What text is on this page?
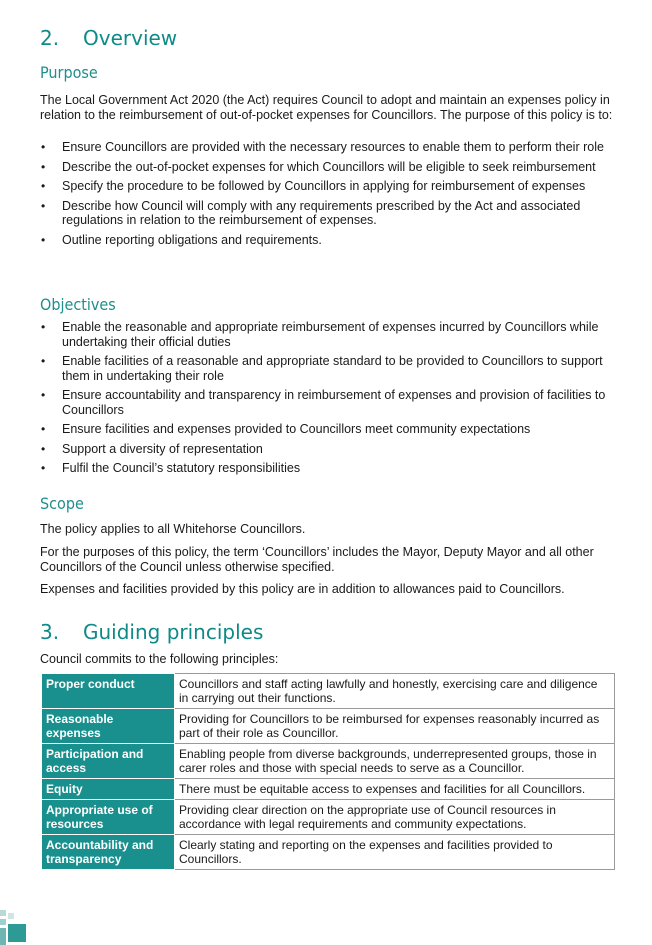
2. Overview
Purpose

The Local Government Act 2020 (the Act) requires Council to adopt and maintain an expenses policy in relation to the reimbursement of out-of-pocket expenses for Councillors. The purpose of this policy is to:

• Ensure Councillors are provided with the necessary resources to enable them to perform their role
• Describe the out-of-pocket expenses for which Councillors will be eligible to seek reimbursement
• Specify the procedure to be followed by Councillors in applying for reimbursement of expenses
• Describe how Council will comply with any requirements prescribed by the Act and associated regulations in relation to the reimbursement of expenses.
• Outline reporting obligations and requirements.
Objectives
• Enable the reasonable and appropriate reimbursement of expenses incurred by Councillors while undertaking their official duties
• Enable facilities of a reasonable and appropriate standard to be provided to Councillors to support them in undertaking their role
• Ensure accountability and transparency in reimbursement of expenses and provision of facilities to Councillors
• Ensure facilities and expenses provided to Councillors meet community expectations
• Support a diversity of representation
• Fulfil the Council’s statutory responsibilities
Scope

The policy applies to all Whitehorse Councillors.

For the purposes of this policy, the term ‘Councillors’ includes the Mayor, Deputy Mayor and all other Councillors of the Council unless otherwise specified.

Expenses and facilities provided by this policy are in addition to allowances paid to Councillors.

3. Guiding principles

Council commits to the following principles:

Proper conduct	Councillors and staff acting lawfully and honestly, exercising care and diligence in carrying out their functions.
Reasonable expenses	Providing for Councillors to be reimbursed for expenses reasonably incurred as part of their role as Councillor.
Participation and access	Enabling people from diverse backgrounds, underrepresented groups, those in carer roles and those with special needs to serve as a Councillor.
Equity	There must be equitable access to expenses and facilities for all Councillors.
Appropriate use of resources	Providing clear direction on the appropriate use of Council resources in accordance with legal requirements and community expectations.
Accountability and transparency	Clearly stating and reporting on the expenses and facilities provided to Councillors.
